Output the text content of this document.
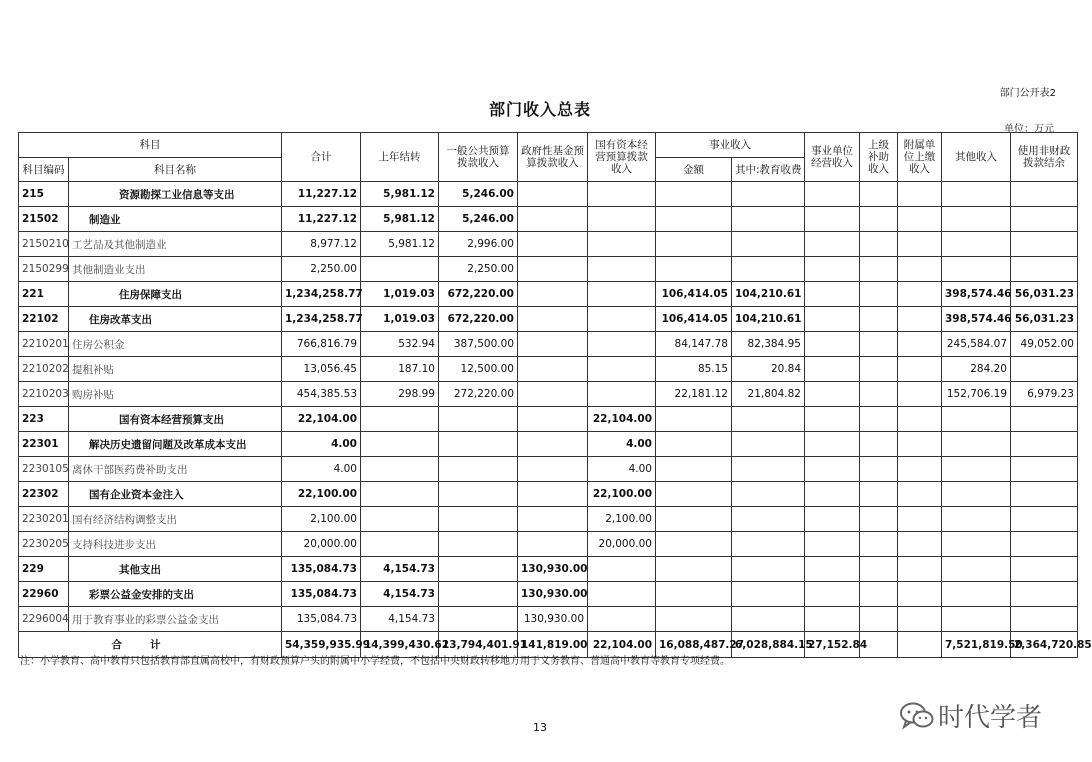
部门公开表2
部门收入总表
单位：万元
科目		合计	上年结转	一般公共预算拨款收入	政府性基金预算拨款收入	国有资本经营预算拨款收入	事业收入		事业单位经营收入	上级补助收入	附属单位上缴收入	其他收入	使用非财政拨款结余
科目编码	科目名称						金额	其中:教育收费					
215	资源勘探工业信息等支出	11,227.12	5,981.12	5,246.00									
21502	制造业	11,227.12	5,981.12	5,246.00									
2150210	工艺品及其他制造业	8,977.12	5,981.12	2,996.00									
2150299	其他制造业支出	2,250.00		2,250.00									
221	住房保障支出	1,234,258.77	1,019.03	672,220.00			106,414.05	104,210.61				398,574.46	56,031.23
22102	住房改革支出	1,234,258.77	1,019.03	672,220.00			106,414.05	104,210.61				398,574.46	56,031.23
2210201	住房公积金	766,816.79	532.94	387,500.00			84,147.78	82,384.95				245,584.07	49,052.00
2210202	提租补贴	13,056.45	187.10	12,500.00			85.15	20.84				284.20	
2210203	购房补贴	454,385.53	298.99	272,220.00			22,181.12	21,804.82				152,706.19	6,979.23
223	国有资本经营预算支出	22,104.00				22,104.00							
22301	解决历史遗留问题及改革成本支出	4.00				4.00							
2230105	离休干部医药费补助支出	4.00				4.00							
22302	国有企业资本金注入	22,100.00				22,100.00							
2230201	国有经济结构调整支出	2,100.00				2,100.00							
2230205	支持科技进步支出	20,000.00				20,000.00							
229	其他支出	135,084.73	4,154.73		130,930.00								
22960	彩票公益金安排的支出	135,084.73	4,154.73		130,930.00								
2296004	用于教育事业的彩票公益金支出	135,084.73	4,154.73		130,930.00								
合计		54,359,935.99	14,399,430.62	13,794,401.91	141,819.00	22,104.00	16,088,487.27	6,028,884.15	27,152.84			7,521,819.50	2,364,720.85
注：小学教育、高中教育只包括教育部直属高校中，有财政预算户头的附属中小学经费，不包括中央财政转移地方用于义务教育、普通高中教育等教育专项经费。
13	时代学者
